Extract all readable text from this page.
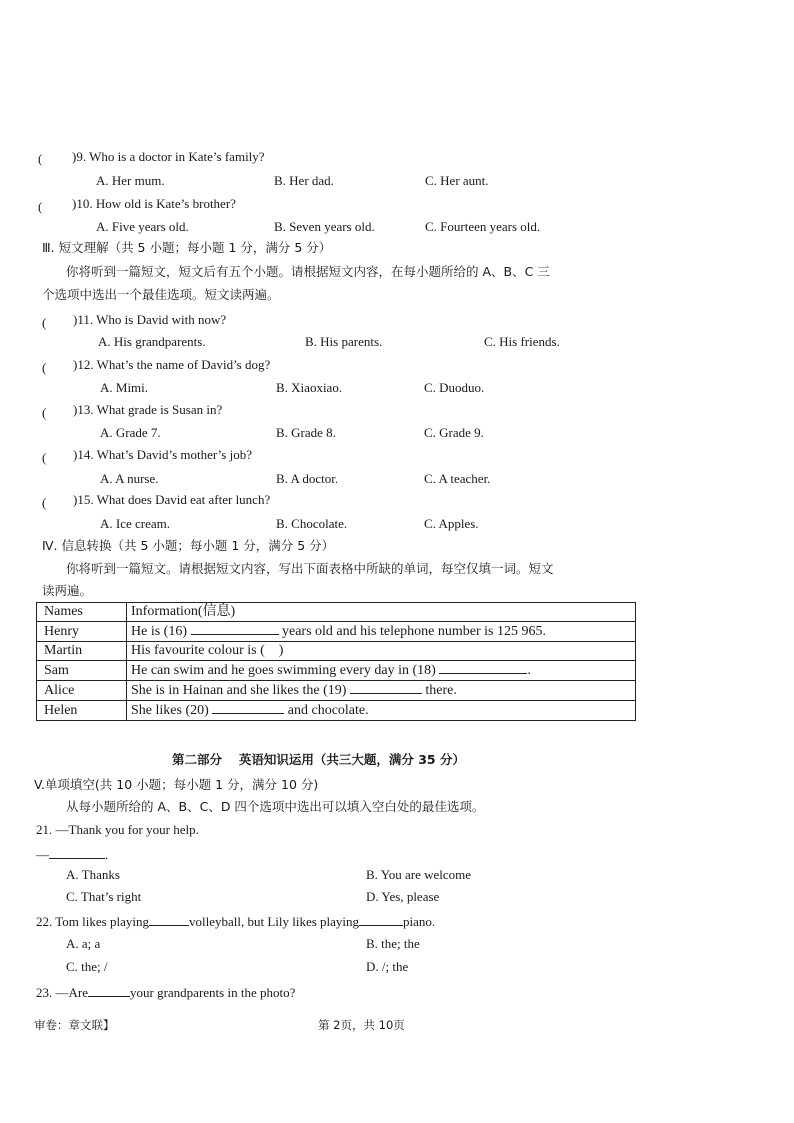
( )9. Who is a doctor in Kate’s family?
A. Her mum.	B. Her dad.	C. Her aunt.
( )10. How old is Kate’s brother?
A. Five years old.	B. Seven years old.	C. Fourteen years old.
Ⅲ. 短文理解（共 5 小题；每小题 1 分，满分 5 分）
你将听到一篇短文，短文后有五个小题。请根据短文内容，在每小题所给的 A、B、C 三
个选项中选出一个最佳选项。短文读两遍。
( )11. Who is David with now?
A. His grandparents.	B. His parents.	C. His friends.
( )12. What’s the name of David’s dog?
A. Mimi.	B. Xiaoxiao.	C. Duoduo.
( )13. What grade is Susan in?
A. Grade 7.	B. Grade 8.	C. Grade 9.
( )14. What’s David’s mother’s job?
A. A nurse.	B. A doctor.	C. A teacher.
( )15. What does David eat after lunch?
A. Ice cream.	B. Chocolate.	C. Apples.
Ⅳ. 信息转换（共 5 小题；每小题 1 分，满分 5 分）
你将听到一篇短文。请根据短文内容，写出下面表格中所缺的单词，每空仅填一词。短文
读两遍。
Names	Information(信息)
Henry	He is (16) years old and his telephone number is 125 965.
Martin	His favourite colour is ( )
Sam	He can swim and he goes swimming every day in (18) .
Alice	She is in Hainan and she likes the (19) there.
Helen	She likes (20) and chocolate.
第二部分　 英语知识运用（共三大题，满分 35 分）
V.单项填空(共 10 小题；每小题 1 分，满分 10 分)
从每小题所给的 A、B、C、D 四个选项中选出可以填入空白处的最佳选项。
21. —Thank you for your help.
—	.
A. Thanks	B. You are welcome
C. That’s right	D. Yes, please
22. Tom likes playing	volleyball, but Lily likes playing	piano.
A. a; a	B. the; the
C. the; /	D. /; the
23. —Are	your grandparents in the photo?
审卷：章文联】	第 2页，共 10页
